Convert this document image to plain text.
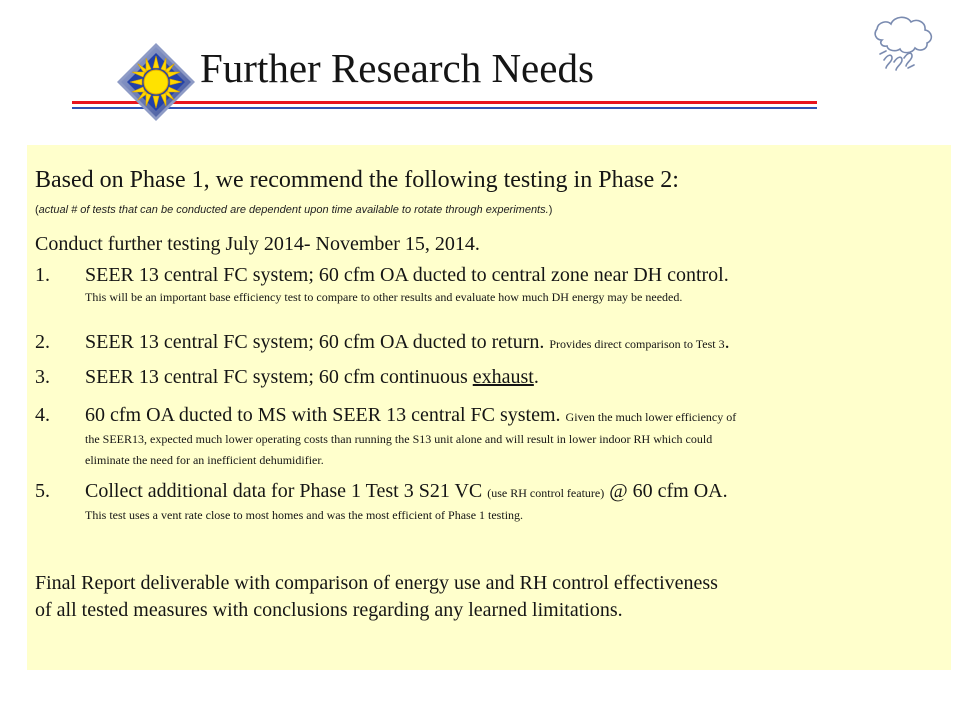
Further Research Needs
Based on Phase 1, we recommend the following testing in Phase 2:
(actual # of tests that can be conducted are dependent upon time available to rotate through experiments.)
Conduct further testing July 2014- November 15, 2014.
1. SEER 13 central FC system; 60 cfm OA ducted to central zone near DH control.
This will be an important base efficiency test to compare to other results and evaluate how much DH energy may be needed.
2. SEER 13 central FC system; 60 cfm OA ducted to return. Provides direct comparison to Test 3.
3. SEER 13 central FC system; 60 cfm continuous exhaust.
4. 60 cfm OA ducted to MS with SEER 13 central FC system. Given the much lower efficiency of
the SEER13, expected much lower operating costs than running the S13 unit alone and will result in lower indoor RH which could
eliminate the need for an inefficient dehumidifier.
5. Collect additional data for Phase 1 Test 3 S21 VC (use RH control feature) @ 60 cfm OA.
This test uses a vent rate close to most homes and was the most efficient of Phase 1 testing.
Final Report deliverable with comparison of energy use and RH control effectiveness
of all tested measures with conclusions regarding any learned limitations.
